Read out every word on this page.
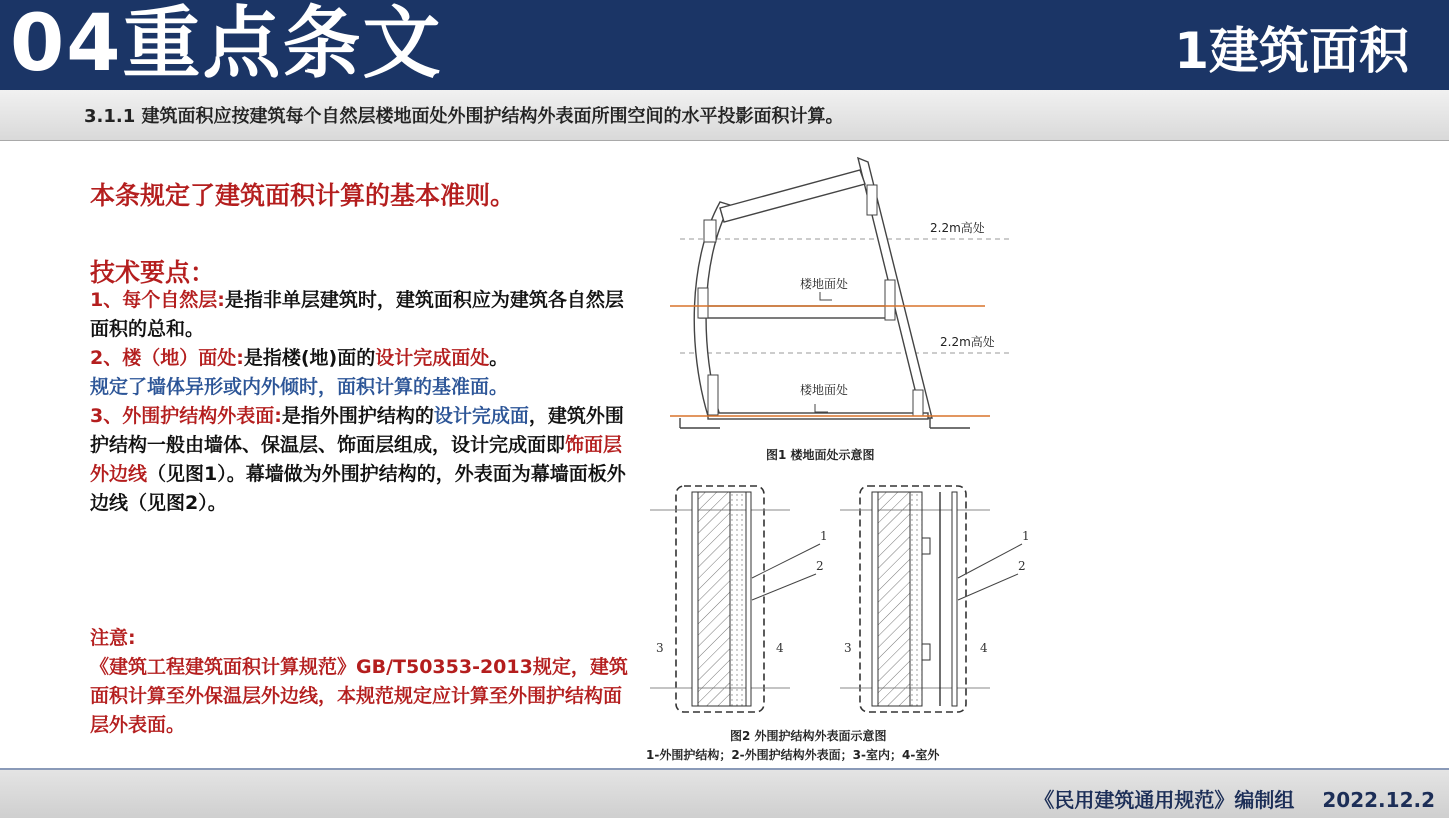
04重点条文	1建筑面积
3.1.1 建筑面积应按建筑每个自然层楼地面处外围护结构外表面所围空间的水平投影面积计算。
本条规定了建筑面积计算的基本准则。
技术要点：
1、每个自然层:是指非单层建筑时，建筑面积应为建筑各自然层面积的总和。
2、楼（地）面处:是指楼(地)面的设计完成面处。
规定了墙体异形或内外倾时，面积计算的基准面。
3、外围护结构外表面:是指外围护结构的设计完成面，建筑外围护结构一般由墙体、保温层、饰面层组成，设计完成面即饰面层外边线（见图1）。幕墙做为外围护结构的，外表面为幕墙面板外边线（见图2）。
注意:
《建筑工程建筑面积计算规范》GB/T50353-2013规定，建筑面积计算至外保温层外边线，本规范规定应计算至外围护结构面层外表面。
2.2m高处
楼地面处
2.2m高处
楼地面处
图1 楼地面处示意图
1
2
3	4
1
2
3	4
图2 外围护结构外表面示意图
1-外围护结构；2-外围护结构外表面；3-室内；4-室外
《民用建筑通用规范》编制组 2022.12.2
